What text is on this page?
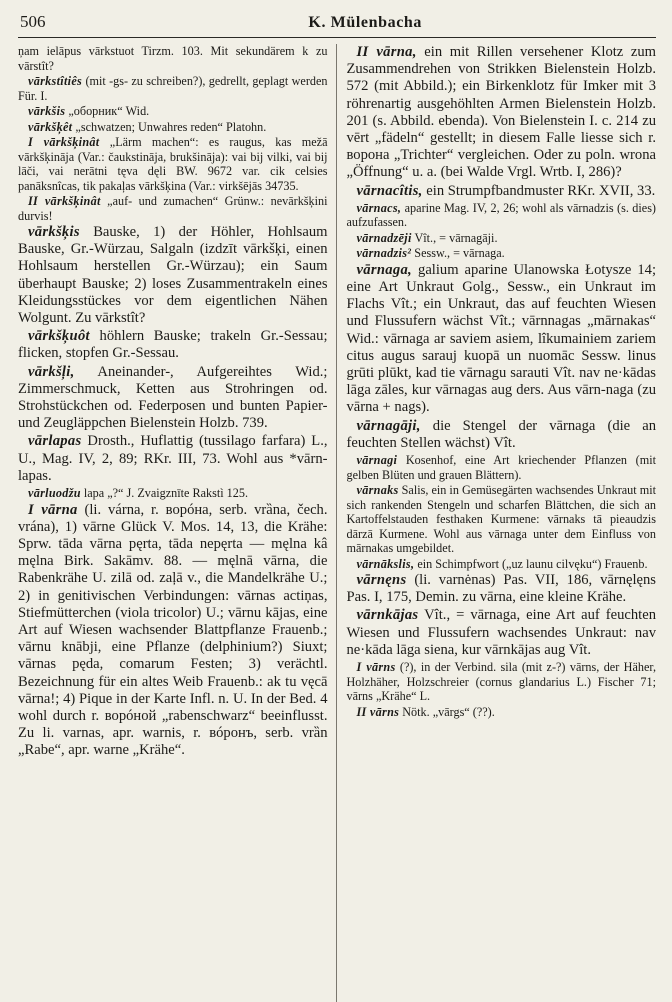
506	K. Mülenbacha

ņam ielāpus vārkstuot Tirzm. 103. Mit sekundärem k zu vārstît?

vārkstîtiês (mit -gs- zu schreiben?), gedrellt, geplagt werden Für. I.

vārkšis „оборник“ Wid.

vārkšķêt „schwatzen; Unwahres reden“ Platohn.

I vārkšķinât „Lärm machen“: es raugus, kas mežā vārkšķināja (Var.: čaukstināja, brukšināja): vai bij vilki, vai bij lāči, vai nerātni tęva dęli BW. 9672 var. cik celsies panāksnîcas, tik pakaļas vārkšķina (Var.: virkšējās 34735.

II vārkšķinât „auf- und zumachen“ Grünw.: nevārkšķini durvis!

vārkšķis Bauske, 1) der Höhler, Hohlsaum Bauske, Gr.-Würzau, Salgaln (izdzīt vārkšķi, einen Hohlsaum herstellen Gr.-Würzau); ein Saum überhaupt Bauske; 2) loses Zusammentrakeln eines Kleidungsstückes vor dem eigentlichen Nähen Wolgunt. Zu vārkstît?

vārkšķuôt höhlern Bauske; trakeln Gr.-Sessau; flicken, stopfen Gr.-Sessau.

vārkšļi, Aneinander-, Aufgereihtes Wid.; Zimmerschmuck, Ketten aus Strohringen od. Strohstückchen od. Federposen und bunten Papier- und Zeugläppchen Bielenstein Holzb. 739.

vārlapas Drosth., Huflattig (tussilago farfara) L., U., Mag. IV, 2, 89; RKr. III, 73. Wohl aus *vārn-lapas.

vārluodžu lapa „?“ J. Zvaigznīte Rakstì 125.

I vārna (li. várna, r. ворóна, serb. vrȁna, čech. vrána), 1) vārne Glück V. Mos. 14, 13, die Krähe: Sprw. tāda vārna pęrta, tāda nepęrta — męlna kâ męlna Birk. Sakāmv. 88. — męlnā vārna, die Rabenkrähe U. zilā od. zaļā v., die Mandelkrähe U.; 2) in genitivischen Verbindungen: vārnas actiņas, Stiefmütterchen (viola tricolor) U.; vārnu kājas, eine Art auf Wiesen wachsender Blattpflanze Frauenb.; vārnu knābji, eine Pflanze (delphinium?) Siuxt; vārnas pęda, comarum Festen; 3) verächtl. Bezeichnung für ein altes Weib Frauenb.: ak tu vęcā vārna!; 4) Pique in der Karte Infl. n. U. In der Bed. 4 wohl durch r. ворóной „rabenschwarz“ beeinflusst. Zu li. varnas, apr. warnis, r. вóронъ, serb. vrȁn „Rabe“, apr. warne „Krähe“.

II vārna, ein mit Rillen versehener Klotz zum Zusammendrehen von Strikken Bielenstein Holzb. 572 (mit Abbild.); ein Birkenklotz für Imker mit 3 röhrenartig ausgehöhlten Armen Bielenstein Holzb. 201 (s. Abbild. ebenda). Von Bielenstein I. c. 214 zu vērt „fädeln“ gestellt; in diesem Falle liesse sich r. ворона „Trichter“ vergleichen. Oder zu poln. wrona „Öffnung“ u. a. (bei Walde Vrgl. Wrtb. I, 286)?

vārnacîtis, ein Strumpfbandmuster RKr. XVII, 33.

vārnacs, aparine Mag. IV, 2, 26; wohl als vārnadzis (s. dies) aufzufassen.

vārnadzēji Vît., = vārnagāji.

vārnadzis² Sessw., = vārnaga.

vārnaga, galium aparine Ulanowska Łotysze 14; eine Art Unkraut Golg., Sessw., ein Unkraut im Flachs Vît.; ein Unkraut, das auf feuchten Wiesen und Flussufern wächst Vît.; vārnnagas „mārnakas“ Wid.: vārnaga ar saviem asiem, lîkumainiem zariem citus augus sarauj kuopā un nuomāc Sessw. linus grūti plūkt, kad tie vārnagu sarauti Vît. nav ne·kādas lāga zāles, kur vārnagas aug ders. Aus vārn-naga (zu vārna + nags).

vārnagāji, die Stengel der vārnaga (die an feuchten Stellen wächst) Vît.

vārnagi Kosenhof, eine Art kriechender Pflanzen (mit gelben Blüten und grauen Blättern).

vārnaks Salis, ein in Gemüsegärten wachsendes Unkraut mit sich rankenden Stengeln und scharfen Blättchen, die sich an Kartoffelstauden festhaken Kurmene: vārnaks tā pieaudzis dārzā Kurmene. Wohl aus vārnaga unter dem Einfluss von mārnakas umgebildet.

vārnākslis, ein Schimpfwort („uz launu cilvęku“) Frauenb.

vārnęns (li. varnėnas) Pas. VII, 186, vārnęlęns Pas. I, 175, Demin. zu vārna, eine kleine Krähe.

vārnkājas Vît., = vārnaga, eine Art auf feuchten Wiesen und Flussufern wachsendes Unkraut: nav ne·kāda lāga siena, kur vārnkājas aug Vît.

I vārns (?), in der Verbind. sila (mit z-?) vārns, der Häher, Holzhäher, Holzschreier (cornus glandarius L.) Fischer 71; vārns „Krähe“ L.

II vārns Nötk. „vārgs“ (??).
